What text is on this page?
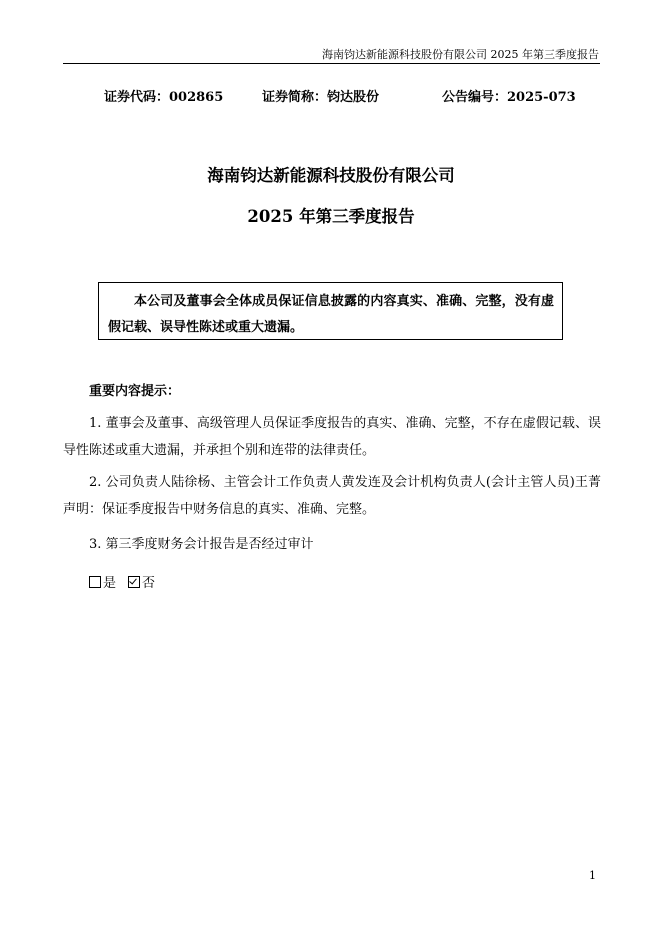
海南钧达新能源科技股份有限公司 2025 年第三季度报告
证券代码：002865	证券简称：钧达股份	公告编号：2025-073
海南钧达新能源科技股份有限公司
2025 年第三季度报告
本公司及董事会全体成员保证信息披露的内容真实、准确、完整，没有虚假记载、误导性陈述或重大遗漏。
重要内容提示：
1. 董事会及董事、高级管理人员保证季度报告的真实、准确、完整，不存在虚假记载、误导性陈述或重大遗漏，并承担个别和连带的法律责任。
2. 公司负责人陆徐杨、主管会计工作负责人黄发连及会计机构负责人(会计主管人员)王菁声明：保证季度报告中财务信息的真实、准确、完整。
3. 第三季度财务会计报告是否经过审计
是 否
1
